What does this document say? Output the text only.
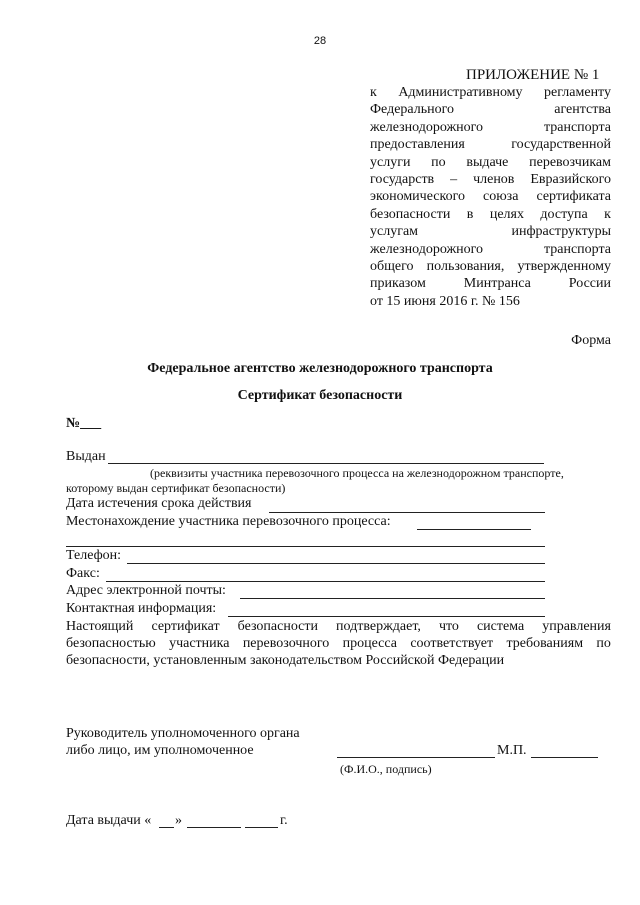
28
ПРИЛОЖЕНИЕ № 1
к Административному регламенту
Федерального	агентства
железнодорожного	транспорта
предоставления	государственной
услуги по выдаче перевозчикам
государств – членов Евразийского
экономического союза сертификата
безопасности в целях доступа к
услугам	инфраструктуры
железнодорожного	транспорта
общего пользования, утвержденному
приказом	Минтранса	России
от 15 июня 2016 г. № 156
Форма
Федеральное агентство железнодорожного транспорта
Сертификат безопасности
№___
Выдан
(реквизиты участника перевозочного процесса на железнодорожном транспорте,
которому выдан сертификат безопасности)
Дата истечения срока действия
Местонахождение участника перевозочного процесса:
Телефон:
Факс:
Адрес электронной почты:
Контактная информация:
Настоящий сертификат безопасности подтверждает, что система управления
безопасностью участника перевозочного процесса соответствует требованиям по
безопасности, установленным законодательством Российской Федерации
Руководитель уполномоченного органа
либо лицо, им уполномоченное	М.П.
(Ф.И.О., подпись)
Дата выдачи « »	г.
